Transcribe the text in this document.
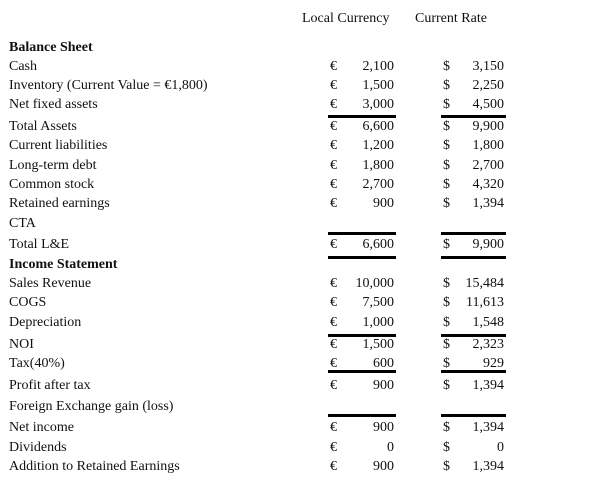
Local Currency Current Rate
Balance Sheet
Cash	€	2,100	$	3,150
Inventory (Current Value = €1,800)	€	1,500	$	2,250
Net fixed assets	€	3,000	$	4,500
Total Assets	€	6,600	$	9,900
Current liabilities	€	1,200	$	1,800
Long-term debt	€	1,800	$	2,700
Common stock	€	2,700	$	4,320
Retained earnings	€	900	$	1,394
CTA
Total L&E	€	6,600	$	9,900
Income Statement
Sales Revenue	€	10,000	$	15,484
COGS	€	7,500	$	11,613
Depreciation	€	1,000	$	1,548
NOI	€	1,500	$	2,323
Tax(40%)	€	600	$	929
Profit after tax	€	900	$	1,394
Foreign Exchange gain (loss)
Net income	€	900	$	1,394
Dividends	€	0	$	0
Addition to Retained Earnings	€	900	$	1,394
